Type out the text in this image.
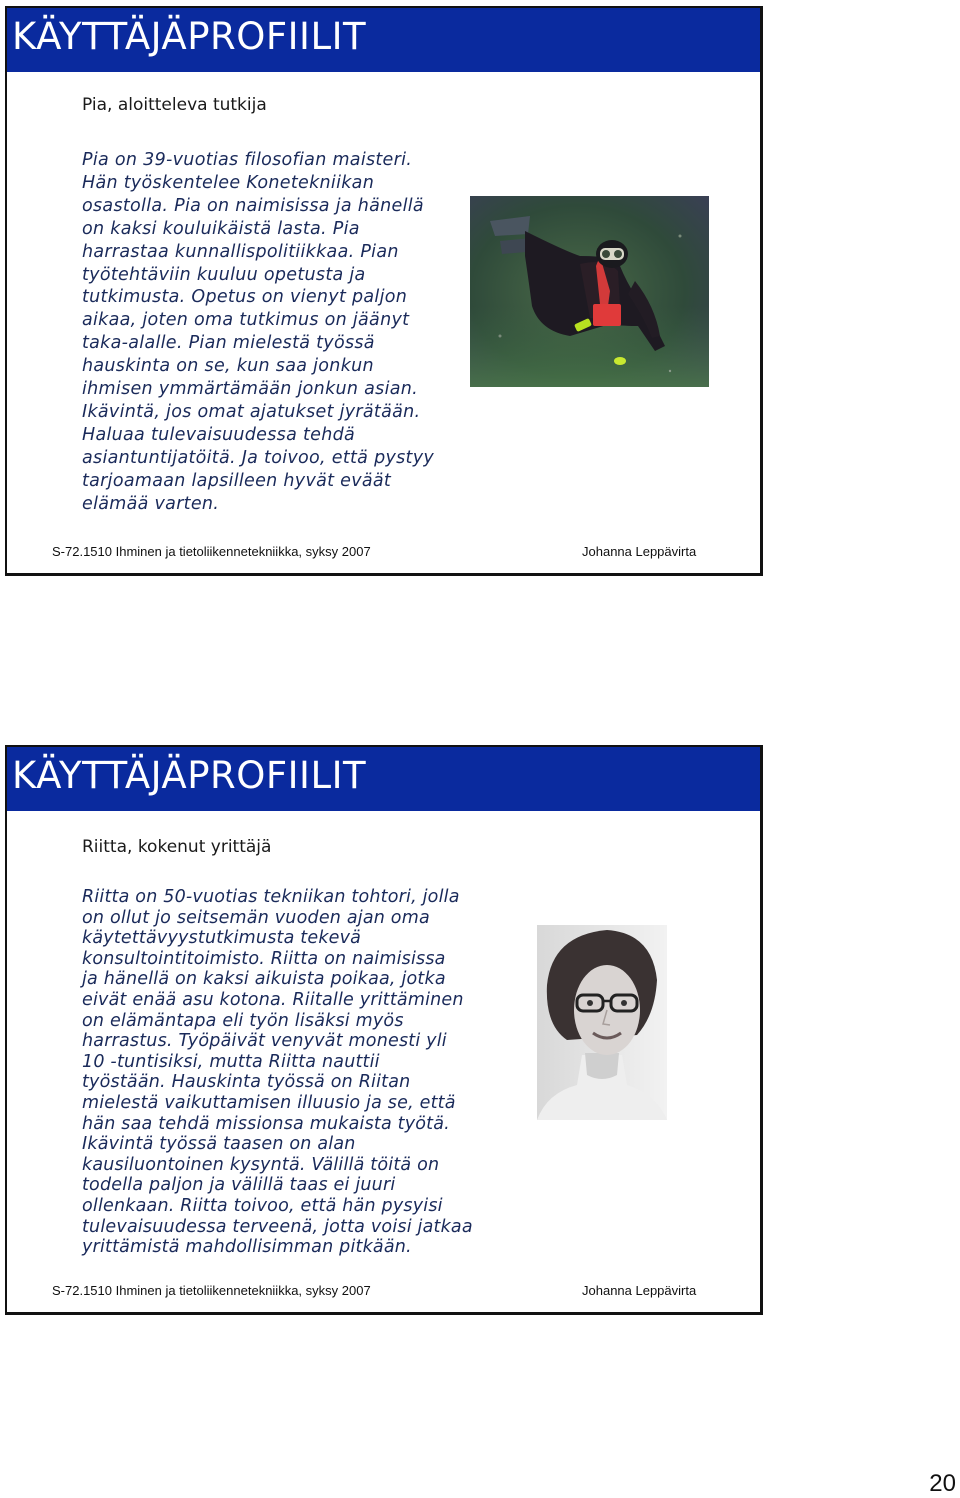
KÄYTTÄJÄPROFIILIT
Pia, aloitteleva tutkija
Pia on 39-vuotias filosofian maisteri.
Hän työskentelee Konetekniikan
osastolla. Pia on naimisissa ja hänellä
on kaksi kouluikäistä lasta. Pia
harrastaa kunnallispolitiikkaa. Pian
työtehtäviin kuuluu opetusta ja
tutkimusta. Opetus on vienyt paljon
aikaa, joten oma tutkimus on jäänyt
taka-alalle. Pian mielestä työssä
hauskinta on se, kun saa jonkun
ihmisen ymmärtämään jonkun asian.
Ikävintä, jos omat ajatukset jyrätään.
Haluaa tulevaisuudessa tehdä
asiantuntijatöitä. Ja toivoo, että pystyy
tarjoamaan lapsilleen hyvät eväät
elämää varten.
S-72.1510 Ihminen ja tietoliikennetekniikka, syksy 2007	Johanna Leppävirta
KÄYTTÄJÄPROFIILIT
Riitta, kokenut yrittäjä
Riitta on 50-vuotias tekniikan tohtori, jolla
on ollut jo seitsemän vuoden ajan oma
käytettävyystutkimusta tekevä
konsultointitoimisto. Riitta on naimisissa
ja hänellä on kaksi aikuista poikaa, jotka
eivät enää asu kotona. Riitalle yrittäminen
on elämäntapa eli työn lisäksi myös
harrastus. Työpäivät venyvät monesti yli
10 -tuntisiksi, mutta Riitta nauttii
työstään. Hauskinta työssä on Riitan
mielestä vaikuttamisen illuusio ja se, että
hän saa tehdä missionsa mukaista työtä.
Ikävintä työssä taasen on alan
kausiluontoinen kysyntä. Välillä töitä on
todella paljon ja välillä taas ei juuri
ollenkaan. Riitta toivoo, että hän pysyisi
tulevaisuudessa terveenä, jotta voisi jatkaa
yrittämistä mahdollisimman pitkään.
S-72.1510 Ihminen ja tietoliikennetekniikka, syksy 2007	Johanna Leppävirta
20
